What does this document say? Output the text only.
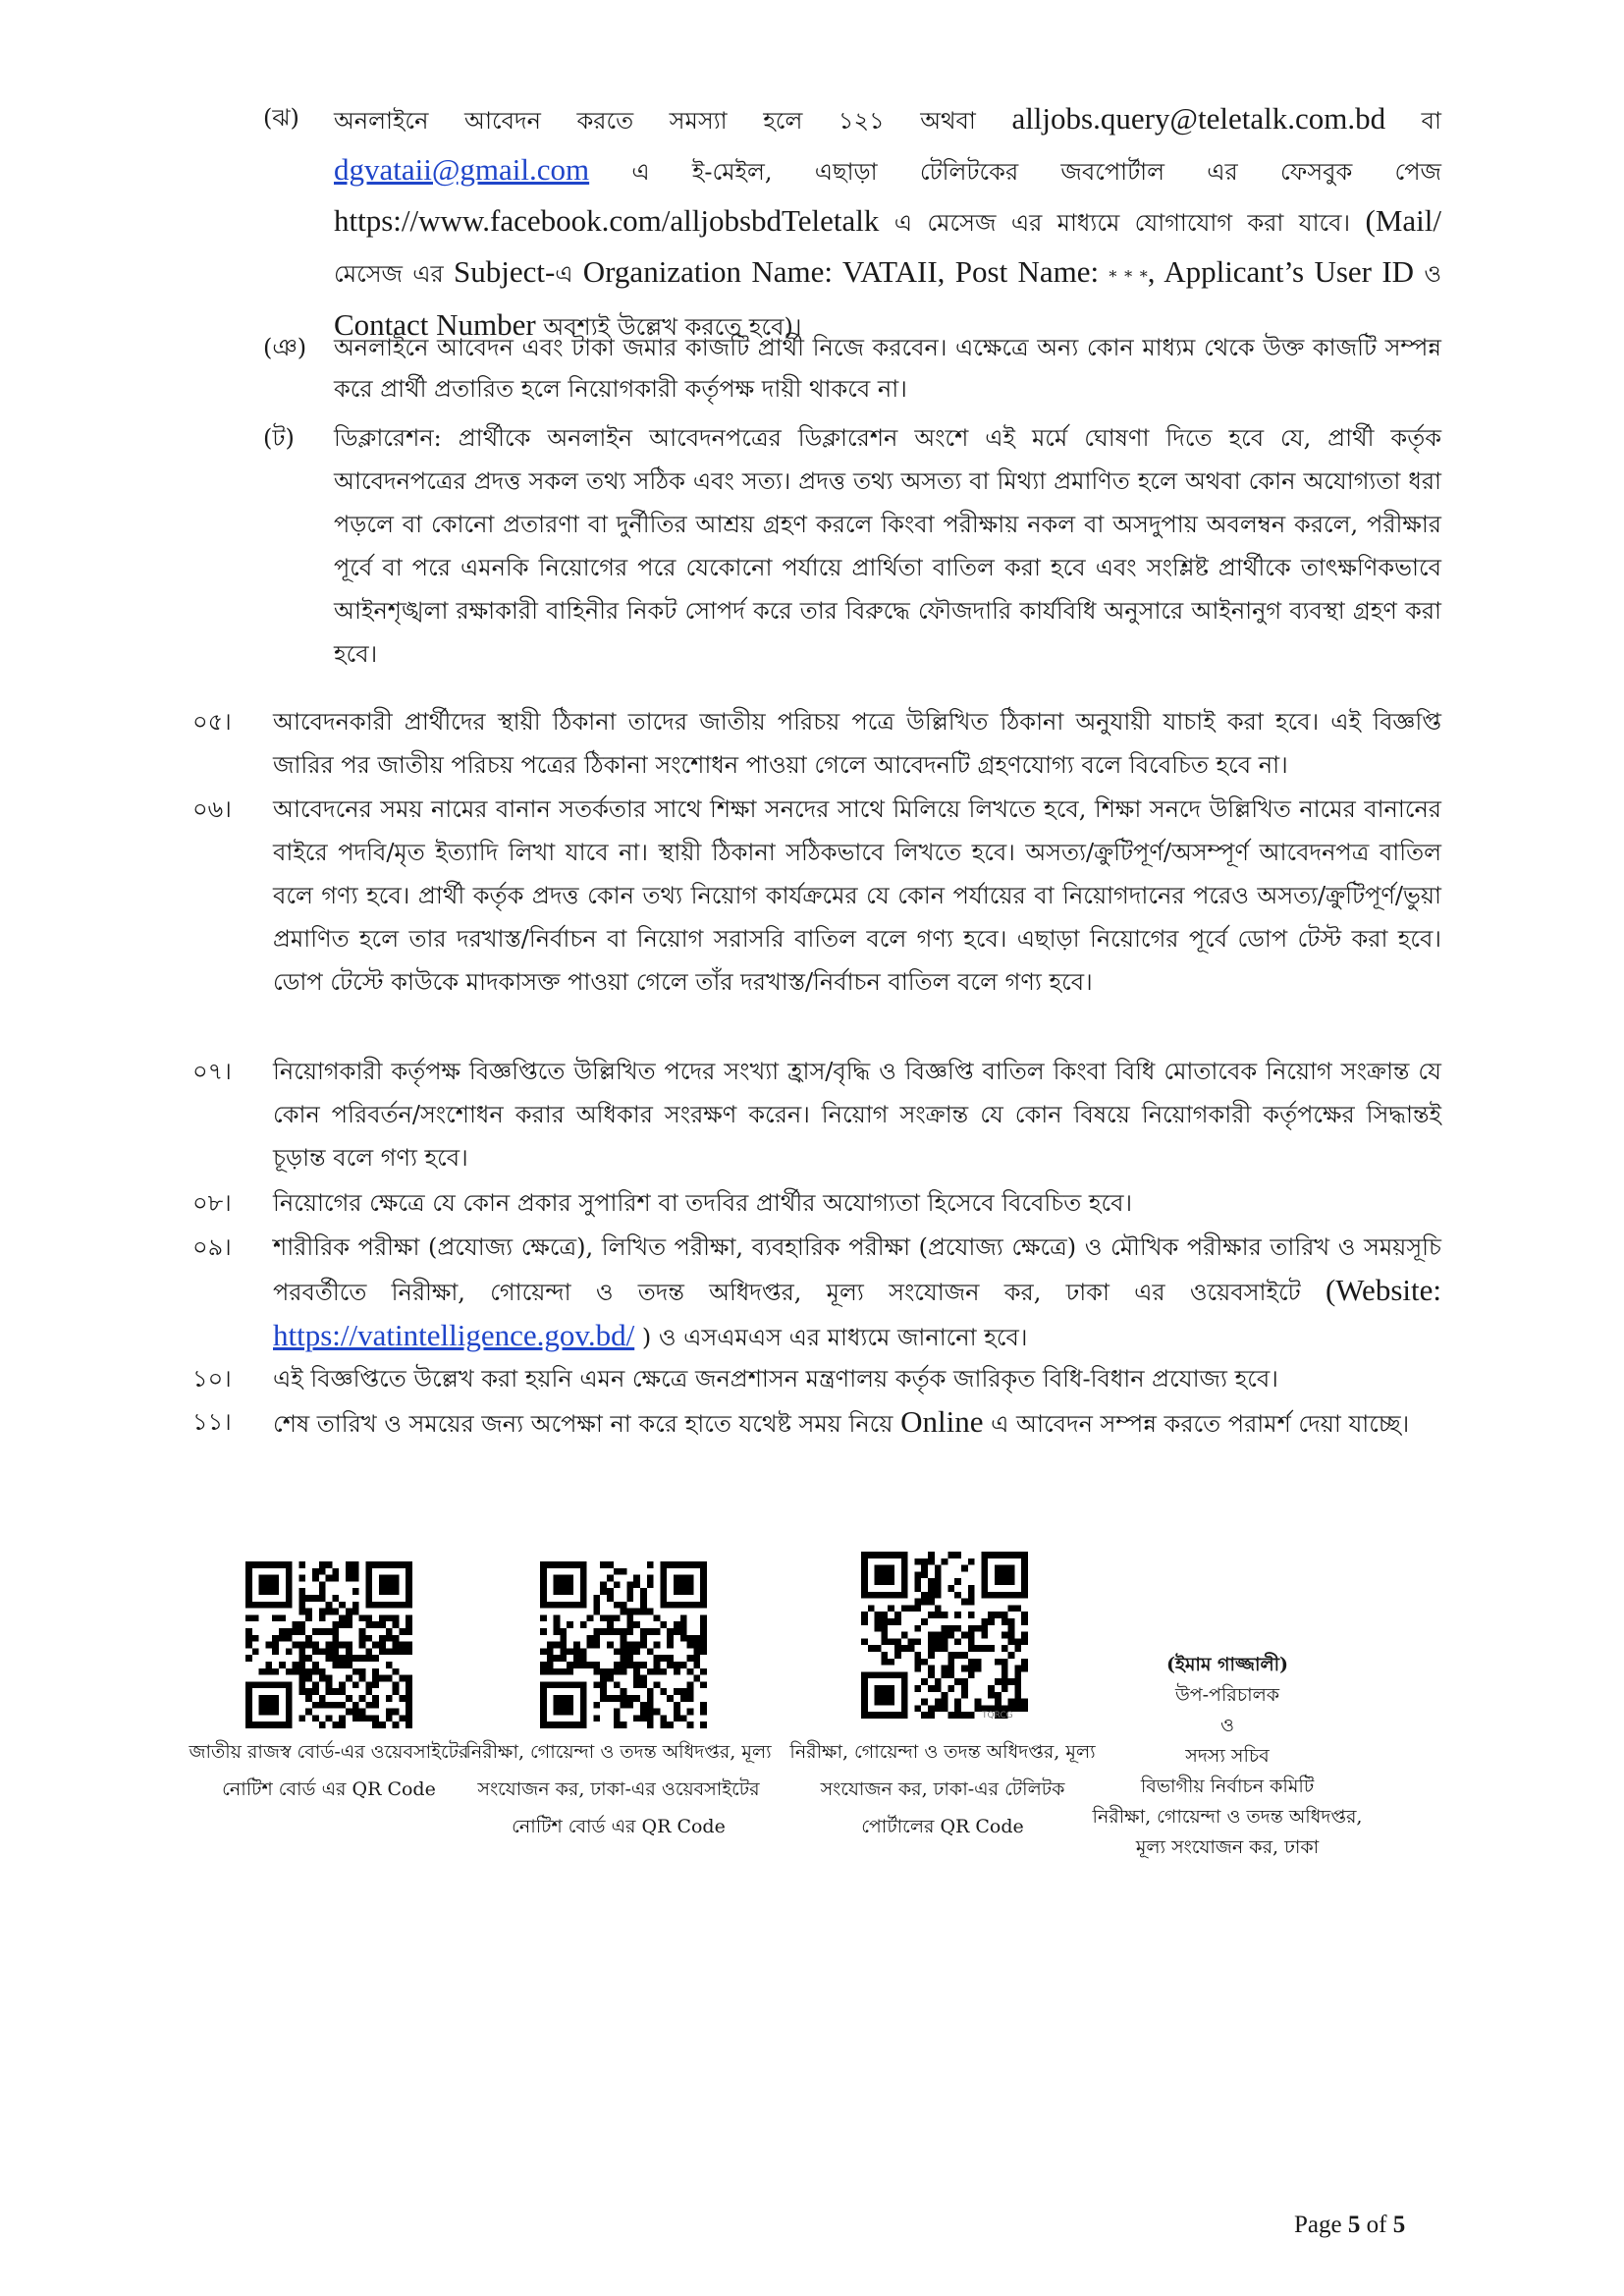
(ঝ)	অনলাইনে আবেদন করতে সমস্যা হলে ১২১ অথবা alljobs.query@teletalk.com.bd বা dgvataii@gmail.com এ ই-মেইল, এছাড়া টেলিটকের জবপোর্টাল এর ফেসবুক পেজ https://www.facebook.com/alljobsbdTeletalk এ মেসেজ এর মাধ্যমে যোগাযোগ করা যাবে। (Mail/মেসেজ এর Subject-এ Organization Name: VATAII, Post Name: * * *, Applicant’s User ID ও Contact Number অবশ্যই উল্লেখ করতে হবে)।
(ঞ)	অনলাইনে আবেদন এবং টাকা জমার কাজটি প্রার্থী নিজে করবেন। এক্ষেত্রে অন্য কোন মাধ্যম থেকে উক্ত কাজটি সম্পন্ন করে প্রার্থী প্রতারিত হলে নিয়োগকারী কর্তৃপক্ষ দায়ী থাকবে না।
(ট)	ডিক্লারেশন: প্রার্থীকে অনলাইন আবেদনপত্রের ডিক্লারেশন অংশে এই মর্মে ঘোষণা দিতে হবে যে, প্রার্থী কর্তৃক আবেদনপত্রের প্রদত্ত সকল তথ্য সঠিক এবং সত্য। প্রদত্ত তথ্য অসত্য বা মিথ্যা প্রমাণিত হলে অথবা কোন অযোগ্যতা ধরা পড়লে বা কোনো প্রতারণা বা দুর্নীতির আশ্রয় গ্রহণ করলে কিংবা পরীক্ষায় নকল বা অসদুপায় অবলম্বন করলে, পরীক্ষার পূর্বে বা পরে এমনকি নিয়োগের পরে যেকোনো পর্যায়ে প্রার্থিতা বাতিল করা হবে এবং সংশ্লিষ্ট প্রার্থীকে তাৎক্ষণিকভাবে আইনশৃঙ্খলা রক্ষাকারী বাহিনীর নিকট সোপর্দ করে তার বিরুদ্ধে ফৌজদারি কার্যবিধি অনুসারে আইনানুগ ব্যবস্থা গ্রহণ করা হবে।
০৫।	আবেদনকারী প্রার্থীদের স্থায়ী ঠিকানা তাদের জাতীয় পরিচয় পত্রে উল্লিখিত ঠিকানা অনুযায়ী যাচাই করা হবে। এই বিজ্ঞপ্তি জারির পর জাতীয় পরিচয় পত্রের ঠিকানা সংশোধন পাওয়া গেলে আবেদনটি গ্রহণযোগ্য বলে বিবেচিত হবে না।
০৬।	আবেদনের সময় নামের বানান সতর্কতার সাথে শিক্ষা সনদের সাথে মিলিয়ে লিখতে হবে, শিক্ষা সনদে উল্লিখিত নামের বানানের বাইরে পদবি/মৃত ইত্যাদি লিখা যাবে না। স্থায়ী ঠিকানা সঠিকভাবে লিখতে হবে। অসত্য/ক্রুটিপূর্ণ/অসম্পূর্ণ আবেদনপত্র বাতিল বলে গণ্য হবে। প্রার্থী কর্তৃক প্রদত্ত কোন তথ্য নিয়োগ কার্যক্রমের যে কোন পর্যায়ের বা নিয়োগদানের পরেও অসত্য/ক্রুটিপূর্ণ/ভুয়া প্রমাণিত হলে তার দরখাস্ত/নির্বাচন বা নিয়োগ সরাসরি বাতিল বলে গণ্য হবে। এছাড়া নিয়োগের পূর্বে ডোপ টেস্ট করা হবে। ডোপ টেস্টে কাউকে মাদকাসক্ত পাওয়া গেলে তাঁর দরখাস্ত/নির্বাচন বাতিল বলে গণ্য হবে।
০৭।	নিয়োগকারী কর্তৃপক্ষ বিজ্ঞপ্তিতে উল্লিখিত পদের সংখ্যা হ্রাস/বৃদ্ধি ও বিজ্ঞপ্তি বাতিল কিংবা বিধি মোতাবেক নিয়োগ সংক্রান্ত যে কোন পরিবর্তন/সংশোধন করার অধিকার সংরক্ষণ করেন। নিয়োগ সংক্রান্ত যে কোন বিষয়ে নিয়োগকারী কর্তৃপক্ষের সিদ্ধান্তই চূড়ান্ত বলে গণ্য হবে।
০৮।	নিয়োগের ক্ষেত্রে যে কোন প্রকার সুপারিশ বা তদবির প্রার্থীর অযোগ্যতা হিসেবে বিবেচিত হবে।
০৯।	শারীরিক পরীক্ষা (প্রযোজ্য ক্ষেত্রে), লিখিত পরীক্ষা, ব্যবহারিক পরীক্ষা (প্রযোজ্য ক্ষেত্রে) ও মৌখিক পরীক্ষার তারিখ ও সময়সূচি পরবর্তীতে নিরীক্ষা, গোয়েন্দা ও তদন্ত অধিদপ্তর, মূল্য সংযোজন কর, ঢাকা এর ওয়েবসাইটে (Website: https://vatintelligence.gov.bd/ ) ও এসএমএস এর মাধ্যমে জানানো হবে।
১০।	এই বিজ্ঞপ্তিতে উল্লেখ করা হয়নি এমন ক্ষেত্রে জনপ্রশাসন মন্ত্রণালয় কর্তৃক জারিকৃত বিধি-বিধান প্রযোজ্য হবে।
১১।	শেষ তারিখ ও সময়ের জন্য অপেক্ষা না করে হাতে যথেষ্ট সময় নিয়ে Online এ আবেদন সম্পন্ন করতে পরামর্শ দেয়া যাচ্ছে।
TQRCG
জাতীয় রাজস্ব বোর্ড-এর ওয়েবসাইটের নোটিশ বোর্ড এর QR Code
নিরীক্ষা, গোয়েন্দা ও তদন্ত অধিদপ্তর, মূল্য সংযোজন কর, ঢাকা-এর ওয়েবসাইটের নোটিশ বোর্ড এর QR Code
নিরীক্ষা, গোয়েন্দা ও তদন্ত অধিদপ্তর, মূল্য সংযোজন কর, ঢাকা-এর টেলিটক পোর্টালের QR Code
(ইমাম গাজ্জালী)
উপ-পরিচালক
ও
সদস্য সচিব
বিভাগীয় নির্বাচন কমিটি
নিরীক্ষা, গোয়েন্দা ও তদন্ত অধিদপ্তর,
মূল্য সংযোজন কর, ঢাকা
Page 5 of 5
